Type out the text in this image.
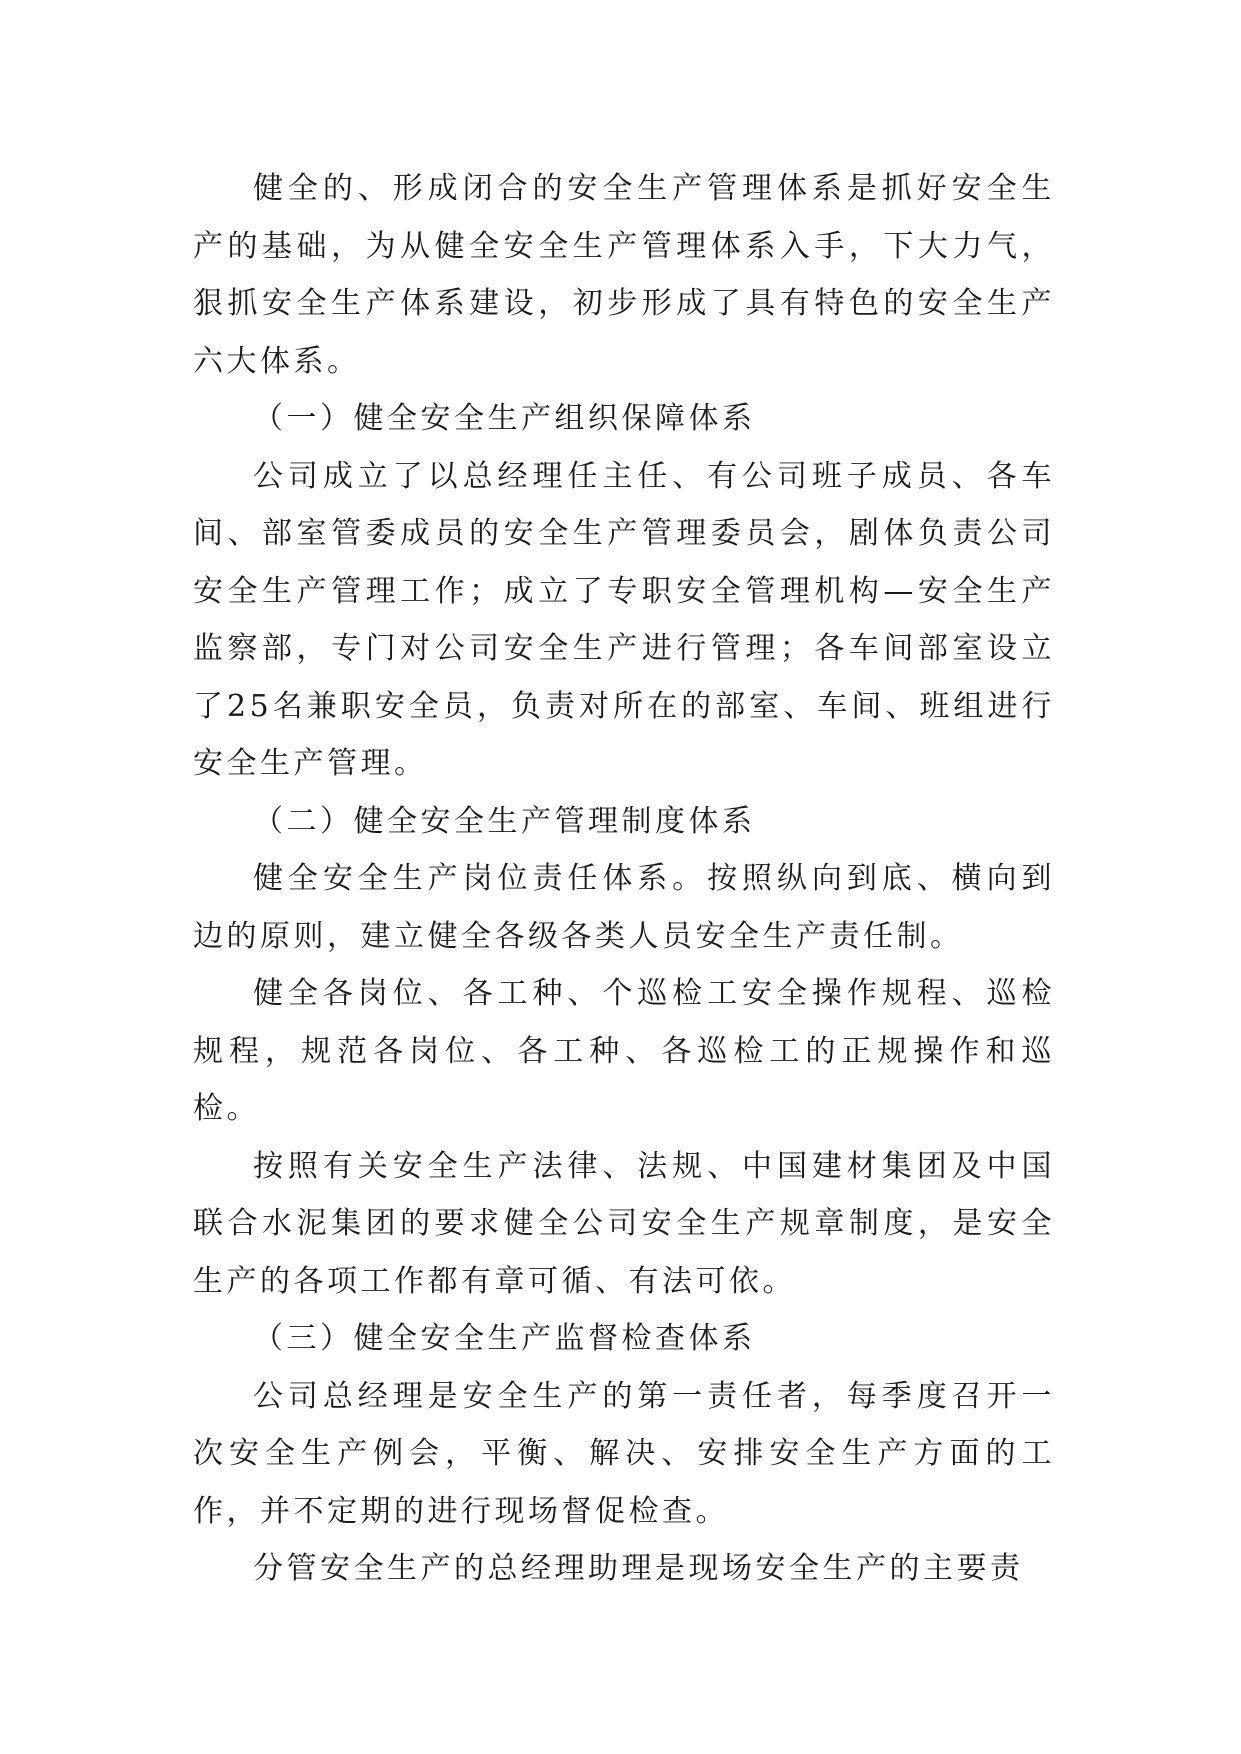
健全的、形成闭合的安全生产管理体系是抓好安全生产的基础，为从健全安全生产管理体系入手，下大力气，狠抓安全生产体系建设，初步形成了具有特色的安全生产六大体系。

（一）健全安全生产组织保障体系

公司成立了以总经理任主任、有公司班子成员、各车间、部室管委成员的安全生产管理委员会，剧体负责公司安全生产管理工作；成立了专职安全管理机构—安全生产监察部，专门对公司安全生产进行管理；各车间部室设立了25名兼职安全员，负责对所在的部室、车间、班组进行安全生产管理。

（二）健全安全生产管理制度体系

健全安全生产岗位责任体系。按照纵向到底、横向到边的原则，建立健全各级各类人员安全生产责任制。

健全各岗位、各工种、个巡检工安全操作规程、巡检规程，规范各岗位、各工种、各巡检工的正规操作和巡检。

按照有关安全生产法律、法规、中国建材集团及中国联合水泥集团的要求健全公司安全生产规章制度，是安全生产的各项工作都有章可循、有法可依。

（三）健全安全生产监督检查体系

公司总经理是安全生产的第一责任者，每季度召开一次安全生产例会，平衡、解决、安排安全生产方面的工作，并不定期的进行现场督促检查。

分管安全生产的总经理助理是现场安全生产的主要责
